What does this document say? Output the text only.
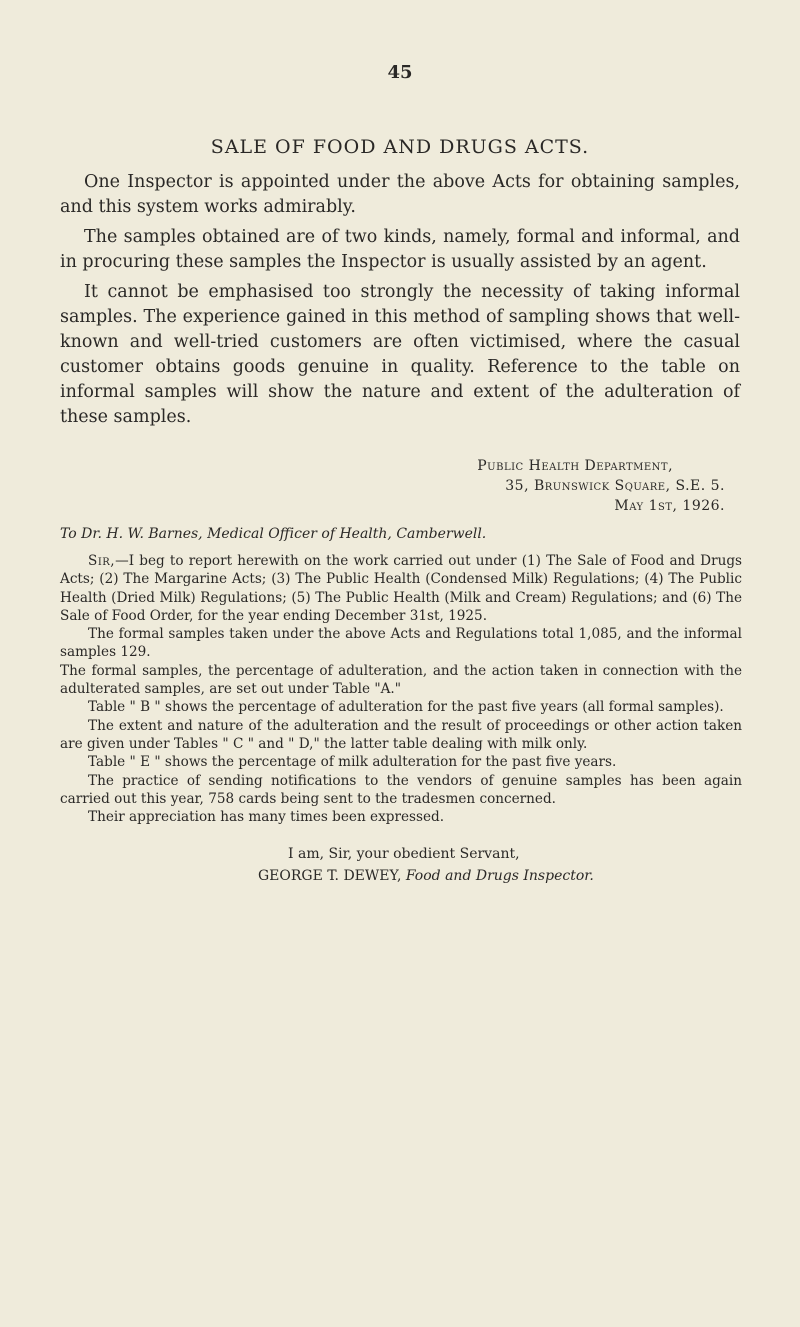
45
SALE OF FOOD AND DRUGS ACTS.

One Inspector is appointed under the above Acts for obtaining samples, and this system works admirably.

The samples obtained are of two kinds, namely, formal and informal, and in procuring these samples the Inspector is usually assisted by an agent.

It cannot be emphasised too strongly the necessity of taking informal samples. The experience gained in this method of sampling shows that well-known and well-tried customers are often victimised, where the casual customer obtains goods genuine in quality. Reference to the table on informal samples will show the nature and extent of the adulteration of these samples.

Public Health Department,
35, Brunswick Square, S.E. 5.
May 1st, 1926.
To Dr. H. W. Barnes, Medical Officer of Health, Camberwell.

Sir,—I beg to report herewith on the work carried out under (1) The Sale of Food and Drugs Acts; (2) The Margarine Acts; (3) The Public Health (Condensed Milk) Regulations; (4) The Public Health (Dried Milk) Regulations; (5) The Public Health (Milk and Cream) Regulations; and (6) The Sale of Food Order, for the year ending December 31st, 1925.

The formal samples taken under the above Acts and Regulations total 1,085, and the informal samples 129.

The formal samples, the percentage of adulteration, and the action taken in connection with the adulterated samples, are set out under Table "A."

Table " B " shows the percentage of adulteration for the past five years (all formal samples).

The extent and nature of the adulteration and the result of proceedings or other action taken are given under Tables " C " and " D," the latter table dealing with milk only.

Table " E " shows the percentage of milk adulteration for the past five years.

The practice of sending notifications to the vendors of genuine samples has been again carried out this year, 758 cards being sent to the tradesmen concerned.

Their appreciation has many times been expressed.

I am, Sir, your obedient Servant,
GEORGE T. DEWEY, Food and Drugs Inspector.
